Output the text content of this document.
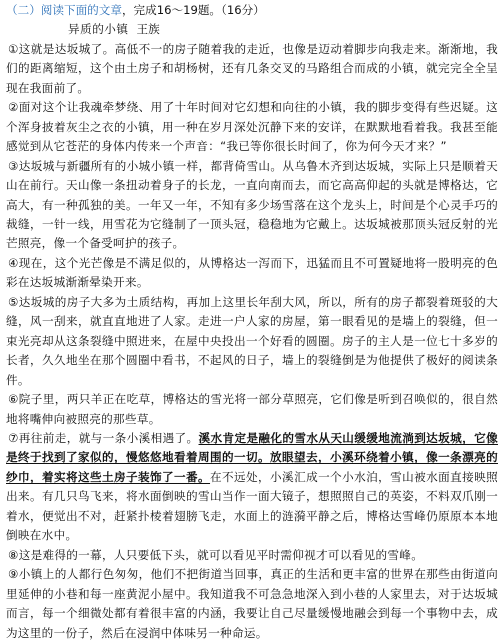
（二）阅读下面的文章，完成16～19题。（16分）
异质的小镇 王族

①这就是达坂城了。高低不一的房子随着我的走近，也像是迈动着脚步向我走来。渐渐地，我们的距离缩短，这个由土房子和胡杨树，还有几条交叉的马路组合而成的小镇，就完完全全呈现在我面前了。

②面对这个让我魂牵梦绕、用了十年时间对它幻想和向往的小镇，我的脚步变得有些迟疑。这个浑身披着灰尘之衣的小镇，用一种在岁月深处沉静下来的安详，在默默地看着我。我甚至能感觉到从它苍茫的身体内传来一个声音：“我已等你很长时间了，你为何今天才来？”

③达坂城与新疆所有的小城小镇一样，都背倚雪山。从乌鲁木齐到达坂城，实际上只是顺着天山在前行。天山像一条扭动着身子的长龙，一直向南而去，而它高高仰起的头就是博格达，它高大，有一种孤独的美。一年又一年，不知有多少场雪落在这个龙头上，时间是个心灵手巧的裁缝，一针一线，用雪花为它缝制了一顶头冠，稳稳地为它戴上。达坂城被那顶头冠反射的光芒照亮，像一个备受呵护的孩子。

④现在，这个光芒像是不满足似的，从博格达一泻而下，迅猛而且不可置疑地将一股明亮的色彩在达坂城渐渐晕染开来。

⑤达坂城的房子大多为土质结构，再加上这里长年刮大风，所以，所有的房子都裂着斑驳的大缝，风一刮来，就直直地进了人家。走进一户人家的房屋，第一眼看见的是墙上的裂缝，但一束光亮却从这条裂缝中照进来，在屋中央投出一个好看的圆圈。房子的主人是一位七十多岁的长者，久久地坐在那个圆圈中看书，不起风的日子，墙上的裂缝倒是为他提供了极好的阅读条件。

⑥院子里，两只羊正在吃草，博格达的雪光将一部分草照亮，它们像是听到召唤似的，很自然地将嘴伸向被照亮的那些草。

⑦再往前走，就与一条小溪相遇了。溪水肯定是融化的雪水从天山缓缓地流淌到达坂城，它像是终于找到了家似的，慢悠悠地看着周围的一切。放眼望去，小溪环绕着小镇，像一条漂亮的纱巾，着实将这些土房子装饰了一番。在不远处，小溪汇成一个小水泊，雪山被水面直接映照出来。有几只鸟飞来，将水面倒映的雪山当作一面大镜子，想照照自己的英姿，不料双爪刚一着水，便觉出不对，赶紧扑棱着翅膀飞走，水面上的涟漪平静之后，博格达雪峰仍原原本本地倒映在水中。

⑧这是难得的一幕，人只要低下头，就可以看见平时需仰视才可以看见的雪峰。

⑨小镇上的人都行色匆匆，他们不把街道当回事，真正的生活和更丰富的世界在那些由街道向里延伸的小巷和每一座黄泥小屋中。我知道我不可急急地深入到小巷的人家里去，对于达坂城而言，每一个细微处都有着很丰富的内涵，我要让自己尽量缓慢地融会到每一个事物中去，成为这里的一份子，然后在浸润中体味另一种命运。
